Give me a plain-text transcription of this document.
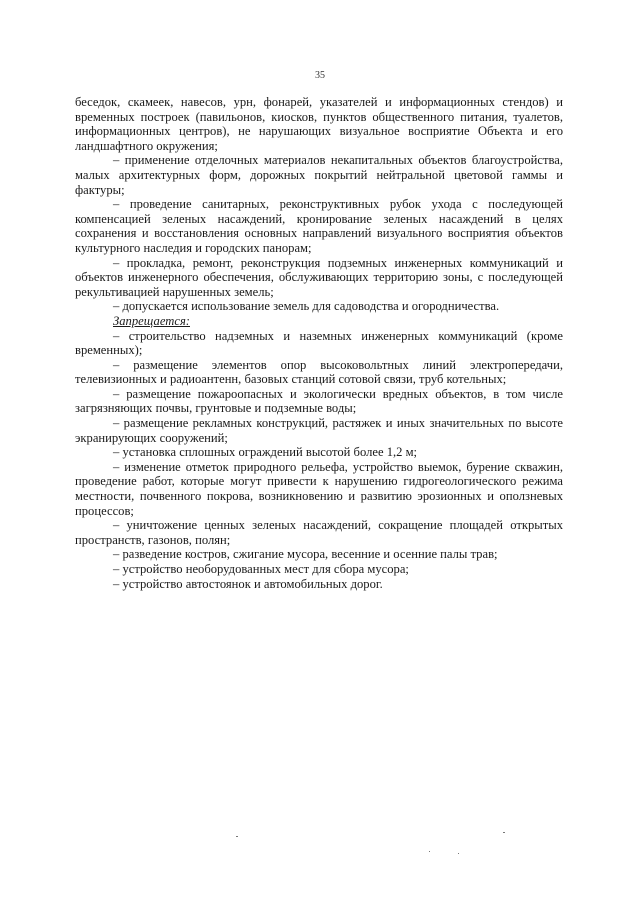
35

беседок, скамеек, навесов, урн, фонарей, указателей и информационных стендов) и временных построек (павильонов, киосков, пунктов общественного питания, туалетов, информационных центров), не нарушающих визуальное восприятие Объекта и его ландшафтного окружения;

– применение отделочных материалов некапитальных объектов благоустройства, малых архитектурных форм, дорожных покрытий нейтральной цветовой гаммы и фактуры;

– проведение санитарных, реконструктивных рубок ухода с последующей компенсацией зеленых насаждений, кронирование зеленых насаждений в целях сохранения и восстановления основных направлений визуального восприятия объектов культурного наследия и городских панорам;

– прокладка, ремонт, реконструкция подземных инженерных коммуникаций и объектов инженерного обеспечения, обслуживающих территорию зоны, с последующей рекультивацией нарушенных земель;

– допускается использование земель для садоводства и огородничества.

Запрещается:

– строительство надземных и наземных инженерных коммуникаций (кроме временных);

– размещение элементов опор высоковольтных линий электропередачи, телевизионных и радиоантенн, базовых станций сотовой связи, труб котельных;

– размещение пожароопасных и экологически вредных объектов, в том числе загрязняющих почвы, грунтовые и подземные воды;

– размещение рекламных конструкций, растяжек и иных значительных по высоте экранирующих сооружений;

– установка сплошных ограждений высотой более 1,2 м;

– изменение отметок природного рельефа, устройство выемок, бурение скважин, проведение работ, которые могут привести к нарушению гидрогеологического режима местности, почвенного покрова, возникновению и развитию эрозионных и оползневых процессов;

– уничтожение ценных зеленых насаждений, сокращение площадей открытых пространств, газонов, полян;

– разведение костров, сжигание мусора, весенние и осенние палы трав;

– устройство необорудованных мест для сбора мусора;

– устройство автостоянок и автомобильных дорог.
